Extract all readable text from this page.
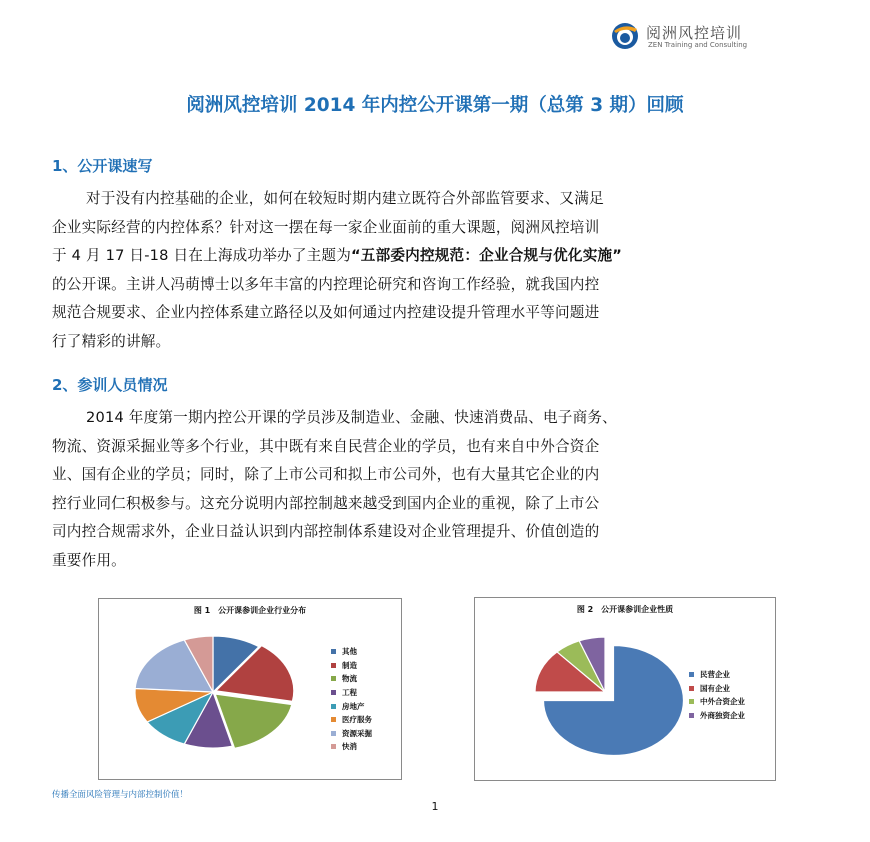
阅洲风控培训
ZEN Training and Consulting
阅洲风控培训 2014 年内控公开课第一期（总第 3 期）回顾
1、公开课速写
对于没有内控基础的企业，如何在较短时期内建立既符合外部监管要求、又满足
企业实际经营的内控体系？针对这一摆在每一家企业面前的重大课题，阅洲风控培训
于 4 月 17 日-18 日在上海成功举办了主题为“五部委内控规范：企业合规与优化实施”
的公开课。主讲人冯萌博士以多年丰富的内控理论研究和咨询工作经验，就我国内控
规范合规要求、企业内控体系建立路径以及如何通过内控建设提升管理水平等问题进
行了精彩的讲解。
2、参训人员情况
2014 年度第一期内控公开课的学员涉及制造业、金融、快速消费品、电子商务、
物流、资源采掘业等多个行业，其中既有来自民营企业的学员，也有来自中外合资企
业、国有企业的学员；同时，除了上市公司和拟上市公司外，也有大量其它企业的内
控行业同仁积极参与。这充分说明内部控制越来越受到国内企业的重视，除了上市公
司内控合规需求外，企业日益认识到内部控制体系建设对企业管理提升、价值创造的
重要作用。
图 1　公开课参训企业行业分布
其他
制造
物流
工程
房地产
医疗服务
资源采掘
快消
图 2　公开课参训企业性质
民营企业
国有企业
中外合资企业
外商独资企业
传播全面风险管理与内部控制价值！
1
